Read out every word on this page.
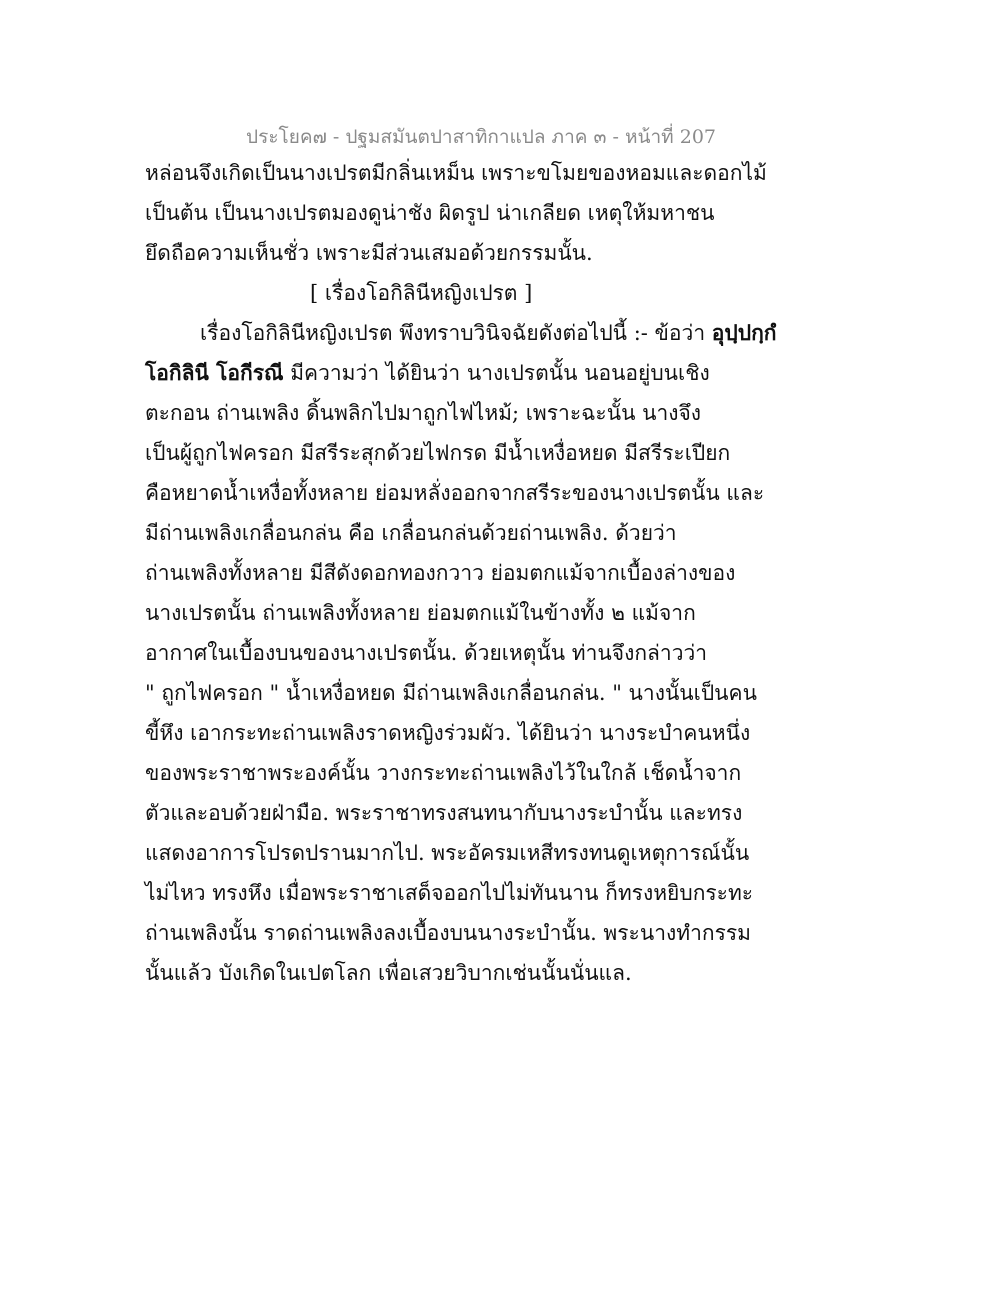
ประโยค๗ - ปฐมสมันตปาสาทิกาแปล ภาค ๓ - หน้าที่ 207
หล่อนจึงเกิดเป็นนางเปรตมีกลิ่นเหม็น เพราะขโมยของหอมและดอกไม้
เป็นต้น เป็นนางเปรตมองดูน่าชัง ผิดรูป น่าเกลียด เหตุให้มหาชน
ยึดถือความเห็นชั่ว เพราะมีส่วนเสมอด้วยกรรมนั้น.
[ เรื่องโอกิลินีหญิงเปรต ]
เรื่องโอกิลินีหญิงเปรต พึงทราบวินิจฉัยดังต่อไปนี้ :- ข้อว่า อุปฺปกฺกํ
โอกิลินี โอกีรณี มีความว่า ได้ยินว่า นางเปรตนั้น นอนอยู่บนเชิง
ตะกอน ถ่านเพลิง ดิ้นพลิกไปมาถูกไฟไหม้; เพราะฉะนั้น นางจึง
เป็นผู้ถูกไฟครอก มีสรีระสุกด้วยไฟกรด มีน้ำเหงื่อหยด มีสรีระเปียก
คือหยาดน้ำเหงื่อทั้งหลาย ย่อมหลั่งออกจากสรีระของนางเปรตนั้น และ
มีถ่านเพลิงเกลื่อนกล่น คือ เกลื่อนกล่นด้วยถ่านเพลิง. ด้วยว่า
ถ่านเพลิงทั้งหลาย มีสีดังดอกทองกวาว ย่อมตกแม้จากเบื้องล่างของ
นางเปรตนั้น ถ่านเพลิงทั้งหลาย ย่อมตกแม้ในข้างทั้ง ๒ แม้จาก
อากาศในเบื้องบนของนางเปรตนั้น. ด้วยเหตุนั้น ท่านจึงกล่าวว่า
" ถูกไฟครอก " น้ำเหงื่อหยด มีถ่านเพลิงเกลื่อนกล่น. " นางนั้นเป็นคน
ขี้หึง เอากระทะถ่านเพลิงราดหญิงร่วมผัว. ได้ยินว่า นางระบำคนหนึ่ง
ของพระราชาพระองค์นั้น วางกระทะถ่านเพลิงไว้ในใกล้ เช็ดน้ำจาก
ตัวและอบด้วยฝ่ามือ. พระราชาทรงสนทนากับนางระบำนั้น และทรง
แสดงอาการโปรดปรานมากไป. พระอัครมเหสีทรงทนดูเหตุการณ์นั้น
ไม่ไหว ทรงหึง เมื่อพระราชาเสด็จออกไปไม่ทันนาน ก็ทรงหยิบกระทะ
ถ่านเพลิงนั้น ราดถ่านเพลิงลงเบื้องบนนางระบำนั้น. พระนางทำกรรม
นั้นแล้ว บังเกิดในเปตโลก เพื่อเสวยวิบากเช่นนั้นนั่นแล.
